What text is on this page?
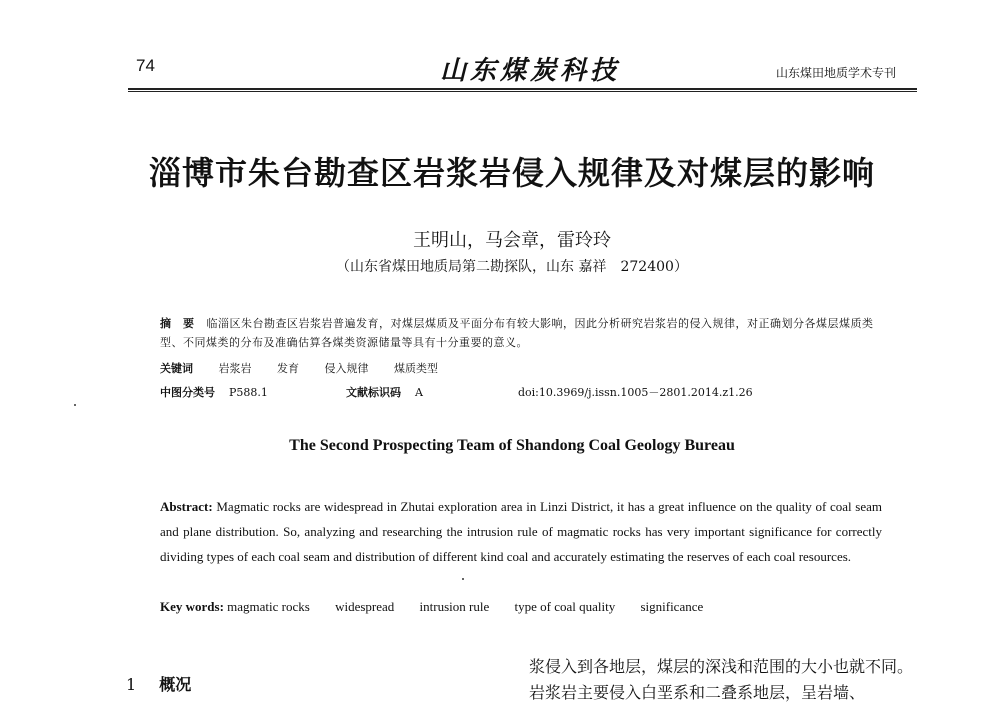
74	山东煤炭科技	山东煤田地质学术专刊
淄博市朱台勘查区岩浆岩侵入规律及对煤层的影响
王明山，马会章，雷玲玲
（山东省煤田地质局第二勘探队，山东 嘉祥　272400）
摘　要 临淄区朱台勘查区岩浆岩普遍发育，对煤层煤质及平面分布有较大影响，因此分析研究岩浆岩的侵入规律，对正确划分各煤层煤质类型、不同煤类的分布及准确估算各煤类资源储量等具有十分重要的意义。
关键词 岩浆岩 发育 侵入规律 煤质类型
中图分类号 P588.1	文献标识码 A	doi:10.3969/j.issn.1005－2801.2014.z1.26
The Second Prospecting Team of Shandong Coal Geology Bureau
Abstract: Magmatic rocks are widespread in Zhutai exploration area in Linzi District, it has a great influence on the quality of coal seam and plane distribution. So, analyzing and researching the intrusion rule of magmatic rocks has very important significance for correctly dividing types of each coal seam and distribution of different kind coal and accurately estimating the reserves of each coal resources.
Key words: magmatic rocks widespread intrusion rule type of coal quality significance
1 概况
浆侵入到各地层，煤层的深浅和范围的大小也就不同。岩浆岩主要侵入白垩系和二叠系地层，呈岩墙、
